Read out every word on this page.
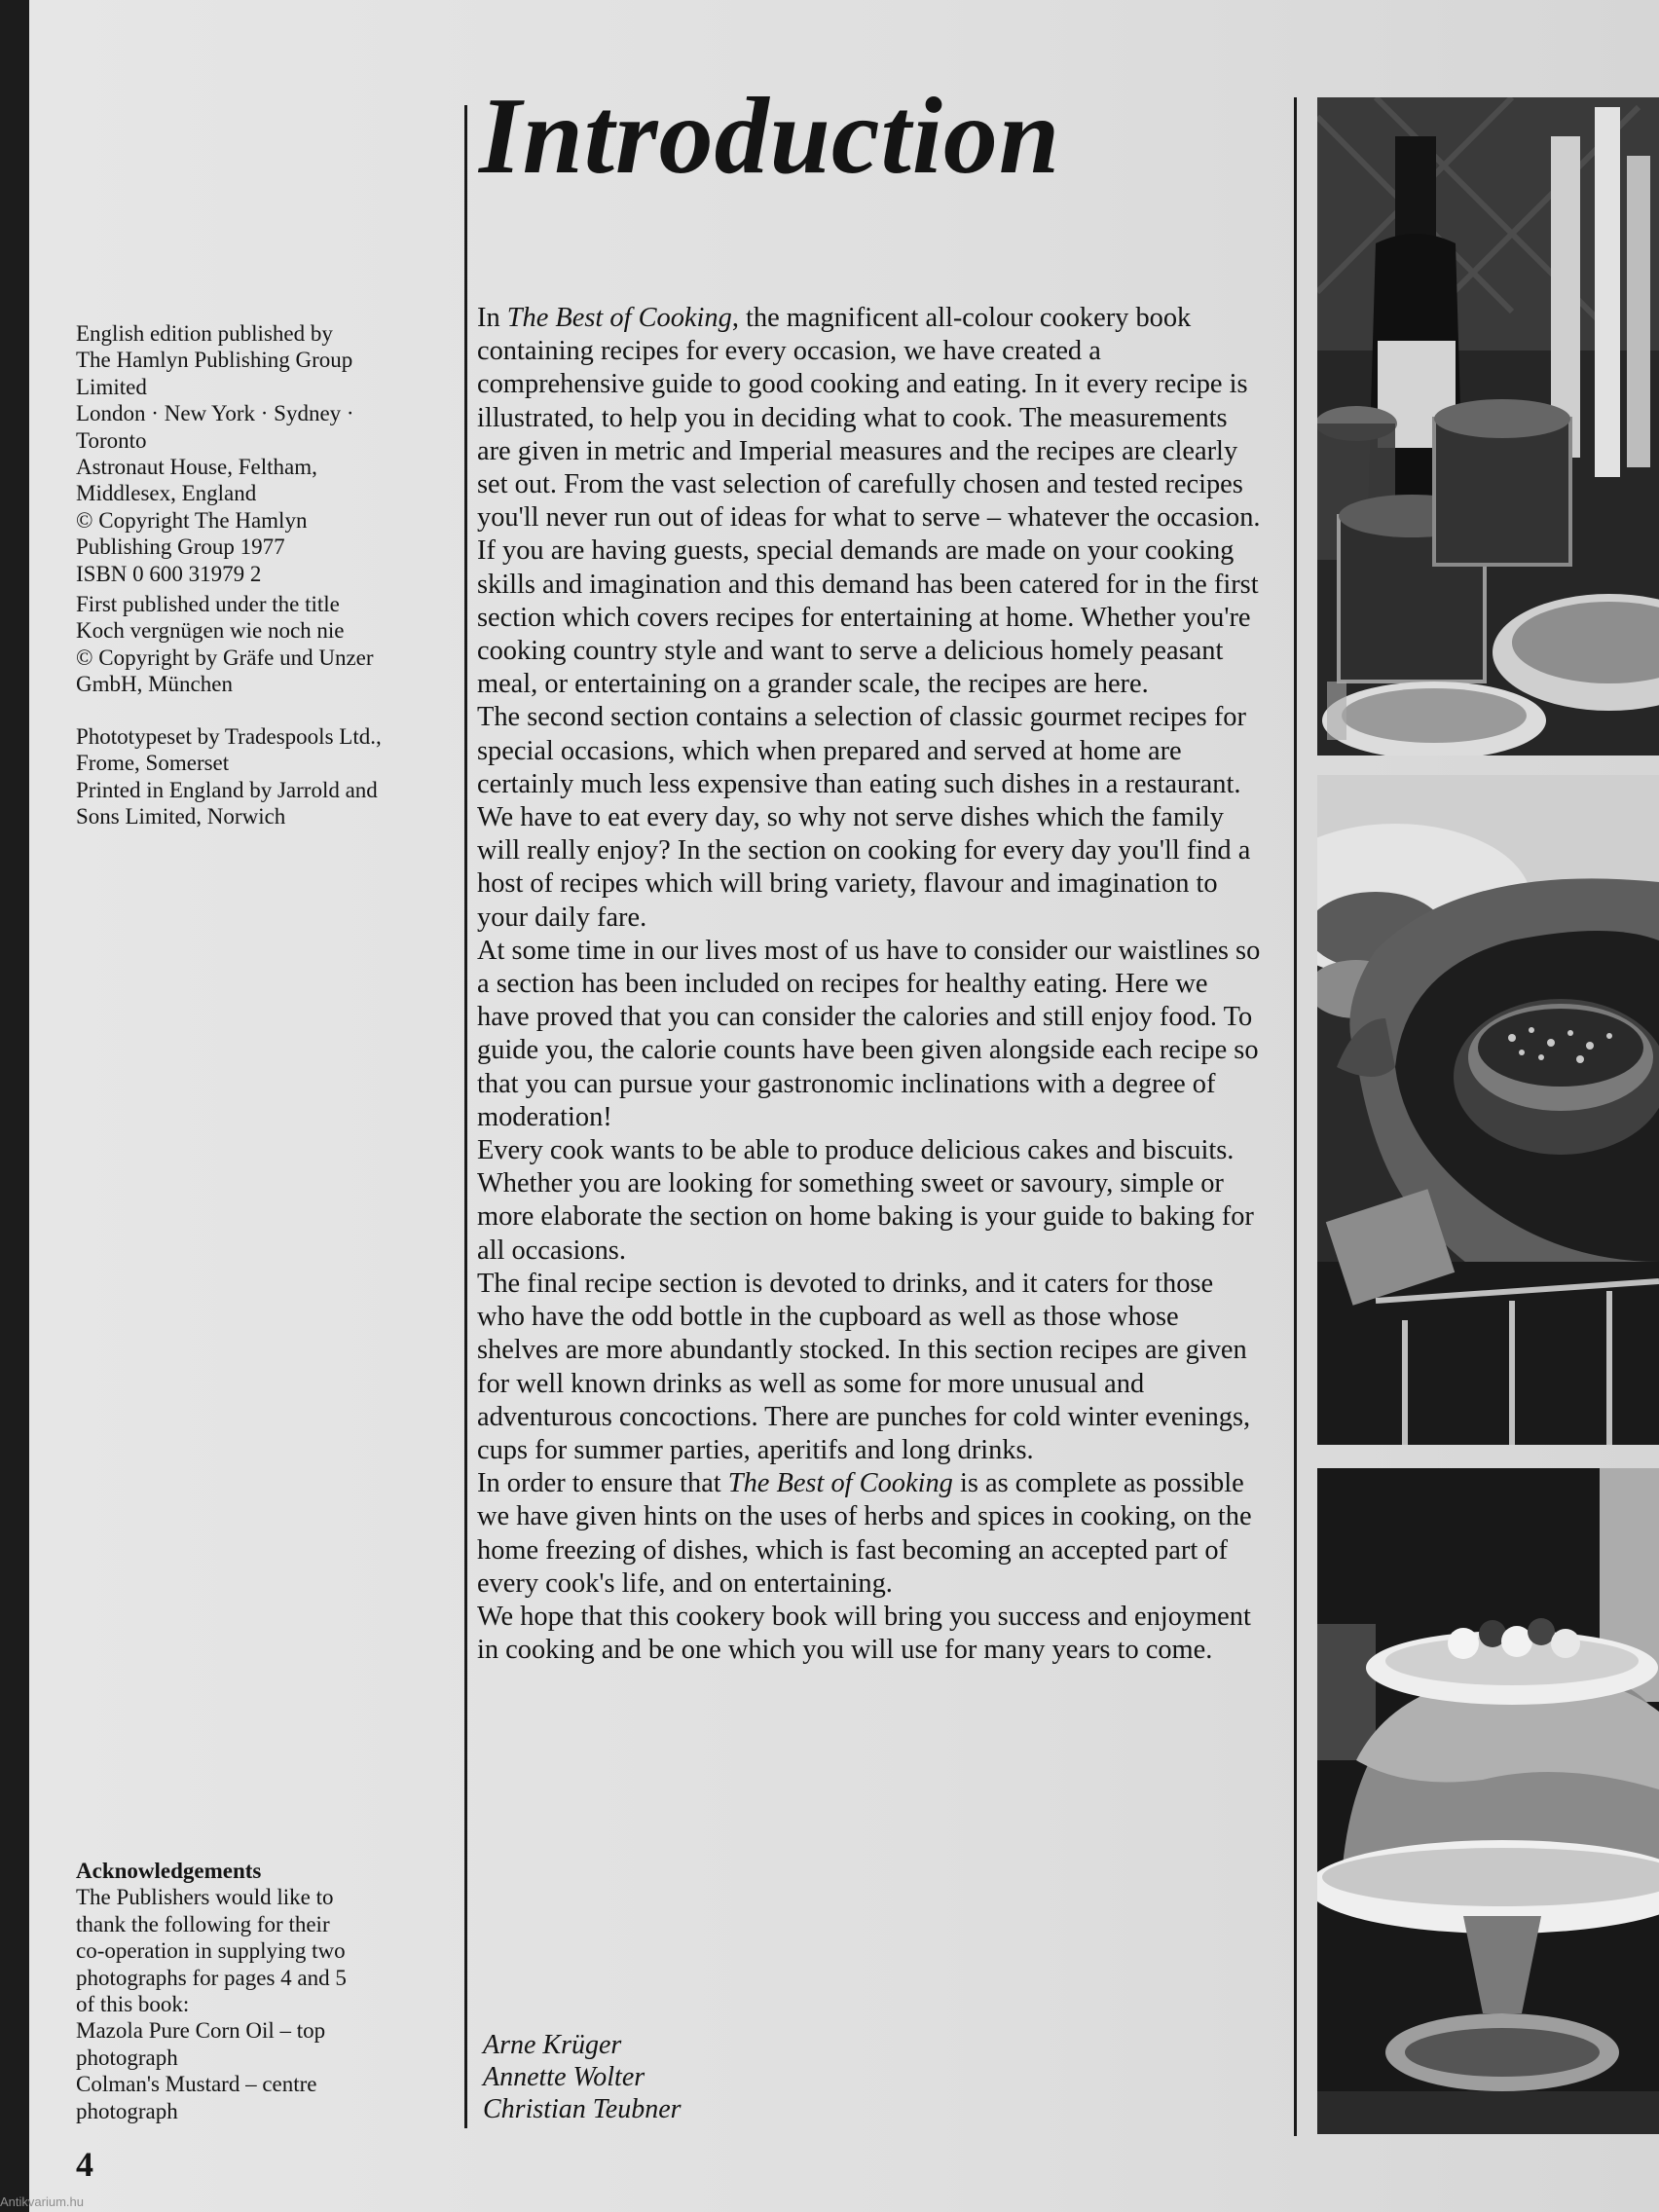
Introduction

English edition published by

The Hamlyn Publishing Group

Limited

London · New York · Sydney ·

Toronto

Astronaut House, Feltham,

Middlesex, England

© Copyright The Hamlyn

Publishing Group 1977

ISBN 0 600 31979 2

First published under the title

Koch vergnügen wie noch nie

© Copyright by Gräfe und Unzer

GmbH, München

Phototypeset by Tradespools Ltd.,

Frome, Somerset

Printed in England by Jarrold and

Sons Limited, Norwich

Acknowledgements

The Publishers would like to

thank the following for their

co-operation in supplying two

photographs for pages 4 and 5

of this book:

Mazola Pure Corn Oil – top

photograph

Colman's Mustard – centre

photograph

In The Best of Cooking, the magnificent all-colour cookery book containing recipes for every occasion, we have created a comprehensive guide to good cooking and eating. In it every recipe is illustrated, to help you in deciding what to cook. The measurements are given in metric and Imperial measures and the recipes are clearly set out. From the vast selection of carefully chosen and tested recipes you'll never run out of ideas for what to serve – whatever the occasion. If you are having guests, special demands are made on your cooking skills and imagination and this demand has been catered for in the first section which covers recipes for entertaining at home. Whether you're cooking country style and want to serve a delicious homely peasant meal, or entertaining on a grander scale, the recipes are here.

The second section contains a selection of classic gourmet recipes for special occasions, which when prepared and served at home are certainly much less expensive than eating such dishes in a restaurant.

We have to eat every day, so why not serve dishes which the family will really enjoy? In the section on cooking for every day you'll find a host of recipes which will bring variety, flavour and imagination to your daily fare.

At some time in our lives most of us have to consider our waistlines so a section has been included on recipes for healthy eating. Here we have proved that you can consider the calories and still enjoy food. To guide you, the calorie counts have been given alongside each recipe so that you can pursue your gastronomic inclinations with a degree of moderation!

Every cook wants to be able to produce delicious cakes and biscuits. Whether you are looking for something sweet or savoury, simple or more elaborate the section on home baking is your guide to baking for all occasions.

The final recipe section is devoted to drinks, and it caters for those who have the odd bottle in the cupboard as well as those whose shelves are more abundantly stocked. In this section recipes are given for well known drinks as well as some for more unusual and adventurous concoctions. There are punches for cold winter evenings, cups for summer parties, aperitifs and long drinks.

In order to ensure that The Best of Cooking is as complete as possible we have given hints on the uses of herbs and spices in cooking, on the home freezing of dishes, which is fast becoming an accepted part of every cook's life, and on entertaining.

We hope that this cookery book will bring you success and enjoyment in cooking and be one which you will use for many years to come.

Arne Krüger

Annette Wolter

Christian Teubner

4
Antikvarium.hu
